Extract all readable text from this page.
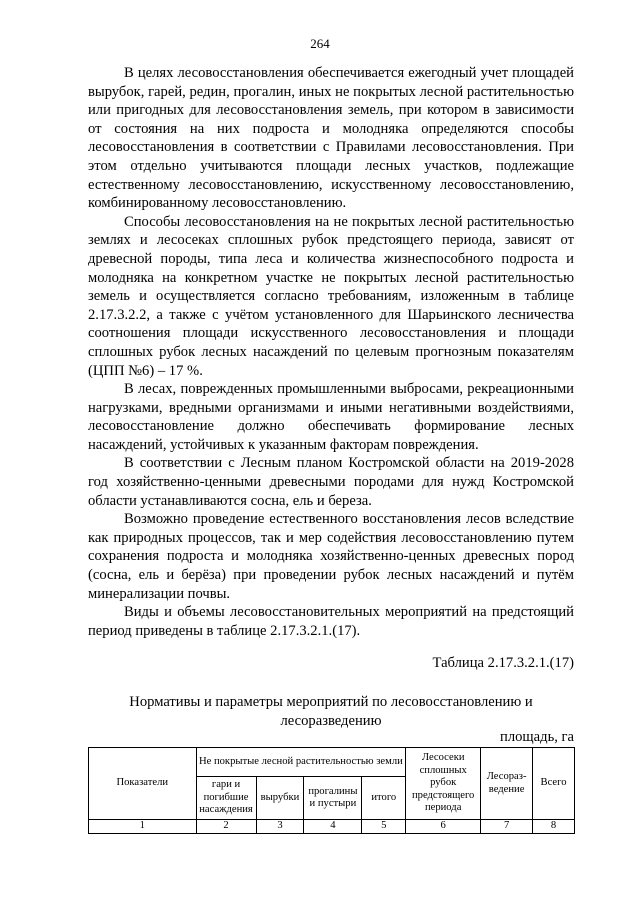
264

В целях лесовосстановления обеспечивается ежегодный учет площадей вырубок, гарей, редин, прогалин, иных не покрытых лесной растительностью или пригодных для лесовосстановления земель, при котором в зависимости от состояния на них подроста и молодняка определяются способы лесовосстановления в соответствии с Правилами лесовосстановления. При этом отдельно учитываются площади лесных участков, подлежащие естественному лесовосстановлению, искусственному лесовосстановлению, комбинированному лесовосстановлению.

Способы лесовосстановления на не покрытых лесной растительностью землях и лесосеках сплошных рубок предстоящего периода, зависят от древесной породы, типа леса и количества жизнеспособного подроста и молодняка на конкретном участке не покрытых лесной растительностью земель и осуществляется согласно требованиям, изложенным в таблице 2.17.3.2.2, а также с учётом установленного для Шарьинского лесничества соотношения площади искусственного лесовосстановления и площади сплошных рубок лесных насаждений по целевым прогнозным показателям (ЦПП №6) – 17 %.

В лесах, поврежденных промышленными выбросами, рекреационными нагрузками, вредными организмами и иными негативными воздействиями, лесовосстановление должно обеспечивать формирование лесных насаждений, устойчивых к указанным факторам повреждения.

В соответствии с Лесным планом Костромской области на 2019-2028 год хозяйственно-ценными древесными породами для нужд Костромской области устанавливаются сосна, ель и береза.

Возможно проведение естественного восстановления лесов вследствие как природных процессов, так и мер содействия лесовосстановлению путем сохранения подроста и молодняка хозяйственно-ценных древесных пород (сосна, ель и берёза) при проведении рубок лесных насаждений и путём минерализации почвы.

Виды и объемы лесовосстановительных мероприятий на предстоящий период приведены в таблице 2.17.3.2.1.(17).

Таблица 2.17.3.2.1.(17)
Нормативы и параметры мероприятий по лесовосстановлению и
лесоразведению
площадь, га
Показатели	Не покрытые лесной растительностью земли				Лесосеки сплошных рубок предстоящего периода	Лесораз-ведение	Всего
	гари и погибшие насаждения	вырубки	прогалины и пустыри	итого			
1	2	3	4	5	6	7	8
